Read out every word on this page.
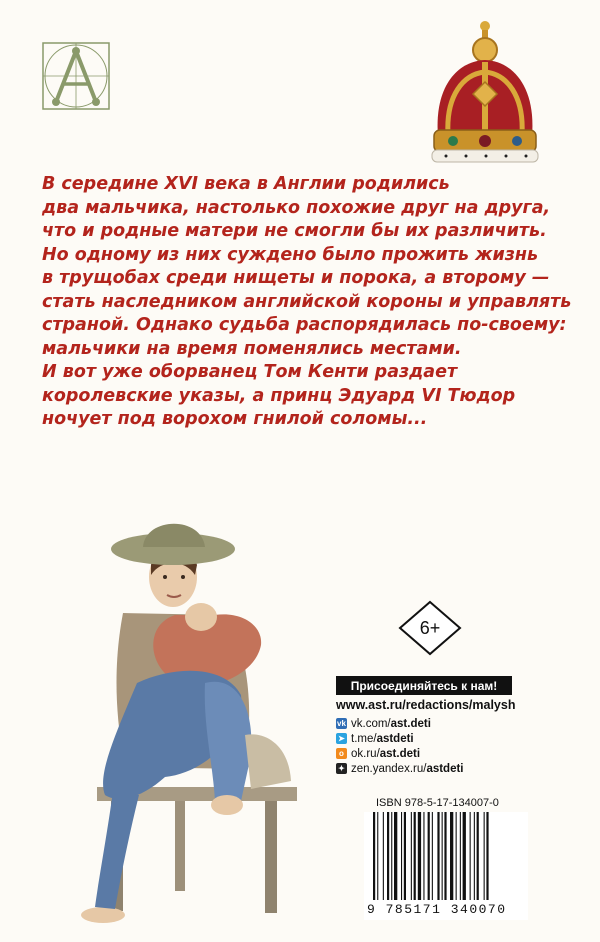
В середине XVI века в Англии родились
два мальчика, настолько похожие друг на друга,
что и родные матери не смогли бы их различить.
Но одному из них суждено было прожить жизнь
в трущобах среди нищеты и порока, а второму —
стать наследником английской короны и управлять
страной. Однако судьба распорядилась по-своему:
мальчики на время поменялись местами.
И вот уже оборванец Том Кенти раздает
королевские указы, а принц Эдуард VI Тюдор
ночует под ворохом гнилой соломы...
6+
Присоединяйтесь к нам!
www.ast.ru/redactions/malysh
vk vk.com/ ast.deti
➤ t.me/ astdeti
o ok.ru/ ast.deti
✦ zen.yandex.ru/ astdeti
ISBN 978-5-17-134007-0
9 785171 340070
